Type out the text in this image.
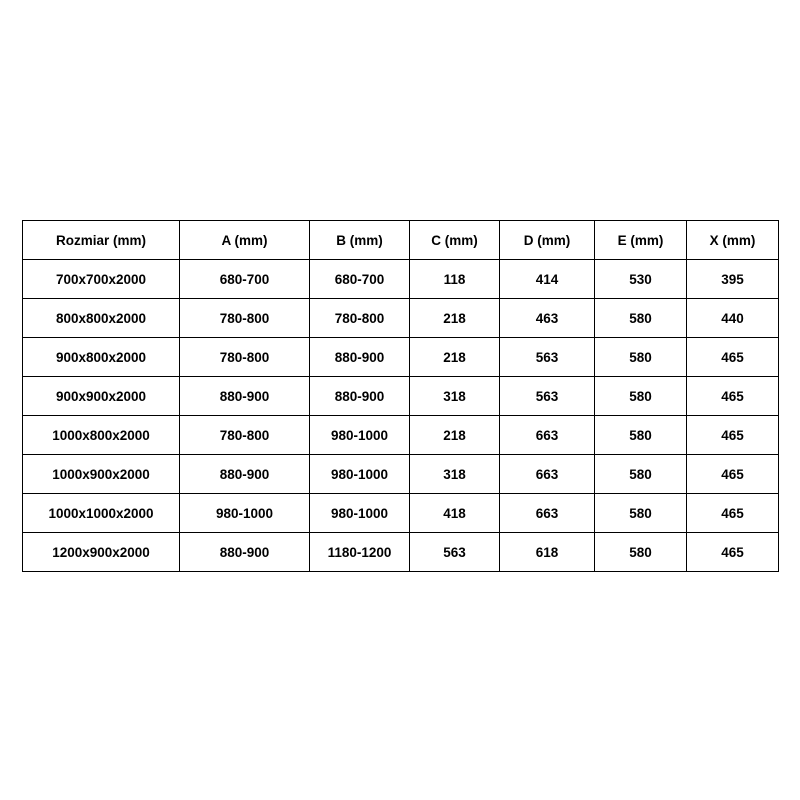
Rozmiar (mm)	A (mm)	B (mm)	C (mm)	D (mm)	E (mm)	X (mm)
700x700x2000	680-700	680-700	118	414	530	395
800x800x2000	780-800	780-800	218	463	580	440
900x800x2000	780-800	880-900	218	563	580	465
900x900x2000	880-900	880-900	318	563	580	465
1000x800x2000	780-800	980-1000	218	663	580	465
1000x900x2000	880-900	980-1000	318	663	580	465
1000x1000x2000	980-1000	980-1000	418	663	580	465
1200x900x2000	880-900	1180-1200	563	618	580	465
